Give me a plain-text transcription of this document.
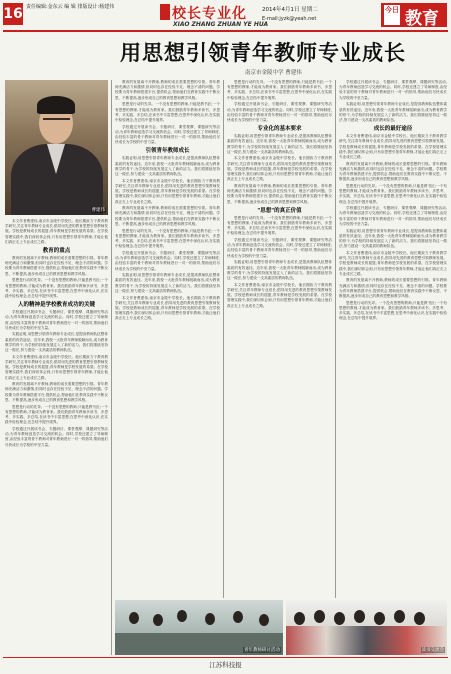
16 责任编辑:金东云 编 辑 排版设计:杨建伟	校长专业化
XIAO ZHANG ZHUAN YE HUA
2014年4月1日 星期二
E-mail:jyzk@yeah.net
今日 教育
用思想引领青年教师专业成长
南京市金陵中学 曹建伟
曹建伟

本文作者曹建伟,南京市金陵中学校长。他长期致力于教育教学研究,关注青年教师专业成长,倡导用先进的教育思想引领教师发展。学校是教师成长的摇篮,青年教师是学校发展的希望。在学校管理实践中,我们深切体会到,只有用思想引领青年教师,才能让他们真正走上专业成长之路。

教育的重点

教育的发展离不开教师,教师的成长需要思想的引领。青年教师充满活力和激情,但同时也存在经验不足、理念不清的问题。学校要为青年教师搭建平台,提供机会,帮助他们在教育实践中不断反思、不断提高,逐步形成自己的教育思想和教学风格。

思想是行动的先导。一个没有思想的教师,只能是教书匠;一个有思想的教师,才能成为教育家。我们鼓励青年教师多读书、多思考、多实践、多总结,在读书中丰富思想,在思考中深化认识,在实践中检验理念,在总结中提升境界。

人的精神是学校教育成功的关键

学校通过开展读书会、专题研讨、课堂观摩、课题研究等活动,为青年教师创造学习交流的机会。同时,学校还建立了导师制度,由经验丰富的骨干教师对青年教师进行一对一的指导,帮助他们尽快成长为学校的中坚力量。

实践证明,用思想引领青年教师专业成长,是提高教师队伍整体素质的有效途径。近年来,我校一大批青年教师脱颖而出,成为教育教学的骨干,为学校的持续发展注入了新的活力。我们将继续坚持这一做法,努力建设一支高素质的教师队伍。

本文作者曹建伟,南京市金陵中学校长。他长期致力于教育教学研究,关注青年教师专业成长,倡导用先进的教育思想引领教师发展。学校是教师成长的摇篮,青年教师是学校发展的希望。在学校管理实践中,我们深切体会到,只有用思想引领青年教师,才能让他们真正走上专业成长之路。

教育的发展离不开教师,教师的成长需要思想的引领。青年教师充满活力和激情,但同时也存在经验不足、理念不清的问题。学校要为青年教师搭建平台,提供机会,帮助他们在教育实践中不断反思、不断提高,逐步形成自己的教育思想和教学风格。

思想是行动的先导。一个没有思想的教师,只能是教书匠;一个有思想的教师,才能成为教育家。我们鼓励青年教师多读书、多思考、多实践、多总结,在读书中丰富思想,在思考中深化认识,在实践中检验理念,在总结中提升境界。

学校通过开展读书会、专题研讨、课堂观摩、课题研究等活动,为青年教师创造学习交流的机会。同时,学校还建立了导师制度,由经验丰富的骨干教师对青年教师进行一对一的指导,帮助他们尽快成长为学校的中坚力量。

教育的发展离不开教师,教师的成长需要思想的引领。青年教师充满活力和激情,但同时也存在经验不足、理念不清的问题。学校要为青年教师搭建平台,提供机会,帮助他们在教育实践中不断反思、不断提高,逐步形成自己的教育思想和教学风格。

思想是行动的先导。一个没有思想的教师,只能是教书匠;一个有思想的教师,才能成为教育家。我们鼓励青年教师多读书、多思考、多实践、多总结,在读书中丰富思想,在思考中深化认识,在实践中检验理念,在总结中提升境界。

学校通过开展读书会、专题研讨、课堂观摩、课题研究等活动,为青年教师创造学习交流的机会。同时,学校还建立了导师制度,由经验丰富的骨干教师对青年教师进行一对一的指导,帮助他们尽快成长为学校的中坚力量。

引领青年教师成长

实践证明,用思想引领青年教师专业成长,是提高教师队伍整体素质的有效途径。近年来,我校一大批青年教师脱颖而出,成为教育教学的骨干,为学校的持续发展注入了新的活力。我们将继续坚持这一做法,努力建设一支高素质的教师队伍。

本文作者曹建伟,南京市金陵中学校长。他长期致力于教育教学研究,关注青年教师专业成长,倡导用先进的教育思想引领教师发展。学校是教师成长的摇篮,青年教师是学校发展的希望。在学校管理实践中,我们深切体会到,只有用思想引领青年教师,才能让他们真正走上专业成长之路。

教育的发展离不开教师,教师的成长需要思想的引领。青年教师充满活力和激情,但同时也存在经验不足、理念不清的问题。学校要为青年教师搭建平台,提供机会,帮助他们在教育实践中不断反思、不断提高,逐步形成自己的教育思想和教学风格。

思想是行动的先导。一个没有思想的教师,只能是教书匠;一个有思想的教师,才能成为教育家。我们鼓励青年教师多读书、多思考、多实践、多总结,在读书中丰富思想,在思考中深化认识,在实践中检验理念,在总结中提升境界。

学校通过开展读书会、专题研讨、课堂观摩、课题研究等活动,为青年教师创造学习交流的机会。同时,学校还建立了导师制度,由经验丰富的骨干教师对青年教师进行一对一的指导,帮助他们尽快成长为学校的中坚力量。

实践证明,用思想引领青年教师专业成长,是提高教师队伍整体素质的有效途径。近年来,我校一大批青年教师脱颖而出,成为教育教学的骨干,为学校的持续发展注入了新的活力。我们将继续坚持这一做法,努力建设一支高素质的教师队伍。

本文作者曹建伟,南京市金陵中学校长。他长期致力于教育教学研究,关注青年教师专业成长,倡导用先进的教育思想引领教师发展。学校是教师成长的摇篮,青年教师是学校发展的希望。在学校管理实践中,我们深切体会到,只有用思想引领青年教师,才能让他们真正走上专业成长之路。

思想是行动的先导。一个没有思想的教师,只能是教书匠;一个有思想的教师,才能成为教育家。我们鼓励青年教师多读书、多思考、多实践、多总结,在读书中丰富思想,在思考中深化认识,在实践中检验理念,在总结中提升境界。

学校通过开展读书会、专题研讨、课堂观摩、课题研究等活动,为青年教师创造学习交流的机会。同时,学校还建立了导师制度,由经验丰富的骨干教师对青年教师进行一对一的指导,帮助他们尽快成长为学校的中坚力量。

专业化的基本要求

实践证明,用思想引领青年教师专业成长,是提高教师队伍整体素质的有效途径。近年来,我校一大批青年教师脱颖而出,成为教育教学的骨干,为学校的持续发展注入了新的活力。我们将继续坚持这一做法,努力建设一支高素质的教师队伍。

本文作者曹建伟,南京市金陵中学校长。他长期致力于教育教学研究,关注青年教师专业成长,倡导用先进的教育思想引领教师发展。学校是教师成长的摇篮,青年教师是学校发展的希望。在学校管理实践中,我们深切体会到,只有用思想引领青年教师,才能让他们真正走上专业成长之路。

教育的发展离不开教师,教师的成长需要思想的引领。青年教师充满活力和激情,但同时也存在经验不足、理念不清的问题。学校要为青年教师搭建平台,提供机会,帮助他们在教育实践中不断反思、不断提高,逐步形成自己的教育思想和教学风格。

"思想"的真正价值

思想是行动的先导。一个没有思想的教师,只能是教书匠;一个有思想的教师,才能成为教育家。我们鼓励青年教师多读书、多思考、多实践、多总结,在读书中丰富思想,在思考中深化认识,在实践中检验理念,在总结中提升境界。

学校通过开展读书会、专题研讨、课堂观摩、课题研究等活动,为青年教师创造学习交流的机会。同时,学校还建立了导师制度,由经验丰富的骨干教师对青年教师进行一对一的指导,帮助他们尽快成长为学校的中坚力量。

实践证明,用思想引领青年教师专业成长,是提高教师队伍整体素质的有效途径。近年来,我校一大批青年教师脱颖而出,成为教育教学的骨干,为学校的持续发展注入了新的活力。我们将继续坚持这一做法,努力建设一支高素质的教师队伍。

本文作者曹建伟,南京市金陵中学校长。他长期致力于教育教学研究,关注青年教师专业成长,倡导用先进的教育思想引领教师发展。学校是教师成长的摇篮,青年教师是学校发展的希望。在学校管理实践中,我们深切体会到,只有用思想引领青年教师,才能让他们真正走上专业成长之路。

学校通过开展读书会、专题研讨、课堂观摩、课题研究等活动,为青年教师创造学习交流的机会。同时,学校还建立了导师制度,由经验丰富的骨干教师对青年教师进行一对一的指导,帮助他们尽快成长为学校的中坚力量。

实践证明,用思想引领青年教师专业成长,是提高教师队伍整体素质的有效途径。近年来,我校一大批青年教师脱颖而出,成为教育教学的骨干,为学校的持续发展注入了新的活力。我们将继续坚持这一做法,努力建设一支高素质的教师队伍。

成长的最好途径

本文作者曹建伟,南京市金陵中学校长。他长期致力于教育教学研究,关注青年教师专业成长,倡导用先进的教育思想引领教师发展。学校是教师成长的摇篮,青年教师是学校发展的希望。在学校管理实践中,我们深切体会到,只有用思想引领青年教师,才能让他们真正走上专业成长之路。

教育的发展离不开教师,教师的成长需要思想的引领。青年教师充满活力和激情,但同时也存在经验不足、理念不清的问题。学校要为青年教师搭建平台,提供机会,帮助他们在教育实践中不断反思、不断提高,逐步形成自己的教育思想和教学风格。

思想是行动的先导。一个没有思想的教师,只能是教书匠;一个有思想的教师,才能成为教育家。我们鼓励青年教师多读书、多思考、多实践、多总结,在读书中丰富思想,在思考中深化认识,在实践中检验理念,在总结中提升境界。

学校通过开展读书会、专题研讨、课堂观摩、课题研究等活动,为青年教师创造学习交流的机会。同时,学校还建立了导师制度,由经验丰富的骨干教师对青年教师进行一对一的指导,帮助他们尽快成长为学校的中坚力量。

实践证明,用思想引领青年教师专业成长,是提高教师队伍整体素质的有效途径。近年来,我校一大批青年教师脱颖而出,成为教育教学的骨干,为学校的持续发展注入了新的活力。我们将继续坚持这一做法,努力建设一支高素质的教师队伍。

本文作者曹建伟,南京市金陵中学校长。他长期致力于教育教学研究,关注青年教师专业成长,倡导用先进的教育思想引领教师发展。学校是教师成长的摇篮,青年教师是学校发展的希望。在学校管理实践中,我们深切体会到,只有用思想引领青年教师,才能让他们真正走上专业成长之路。

教育的发展离不开教师,教师的成长需要思想的引领。青年教师充满活力和激情,但同时也存在经验不足、理念不清的问题。学校要为青年教师搭建平台,提供机会,帮助他们在教育实践中不断反思、不断提高,逐步形成自己的教育思想和教学风格。

思想是行动的先导。一个没有思想的教师,只能是教书匠;一个有思想的教师,才能成为教育家。我们鼓励青年教师多读书、多思考、多实践、多总结,在读书中丰富思想,在思考中深化认识,在实践中检验理念,在总结中提升境界。

青年教师研讨活动	读书交流会
江苏科技报
